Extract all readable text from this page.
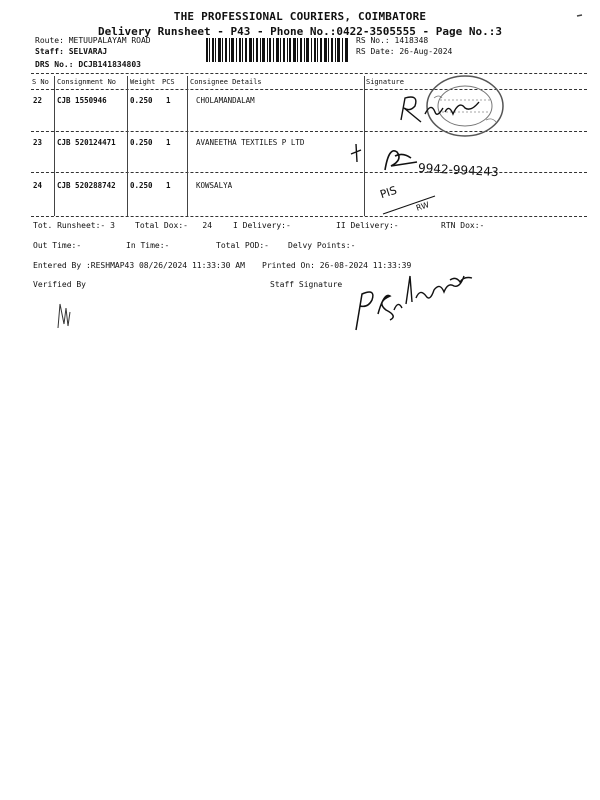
THE PROFESSIONAL COURIERS, COIMBATORE
Delivery Runsheet - P43 - Phone No.:0422-3505555 - Page No.:3
Route: METUUPALAYAM ROAD
Staff: SELVARAJ
DRS No.: DCJB141834803
RS No.: 1418348
RS Date: 26-Aug-2024
S No Consignment No Weight PCS Consignee Details	Signature
22 CJB 1550946	0.250 1	CHOLAMANDALAM
23 CJB 520124471 0.250 1	AVANEETHA TEXTILES P LTD
24 CJB 520288742 0.250 1	KOWSALYA
9942-994243
PIS
RW
Tot. Runsheet:- 3	Total Dox:-   24	I Delivery:-	II Delivery:-	RTN Dox:-
Out Time:-	In Time:-	Total POD:- Delvy Points:-
Entered By :RESHMAP43 08/26/2024 11:33:30 AM Printed On: 26-08-2024 11:33:39
Verified By	Staff Signature
